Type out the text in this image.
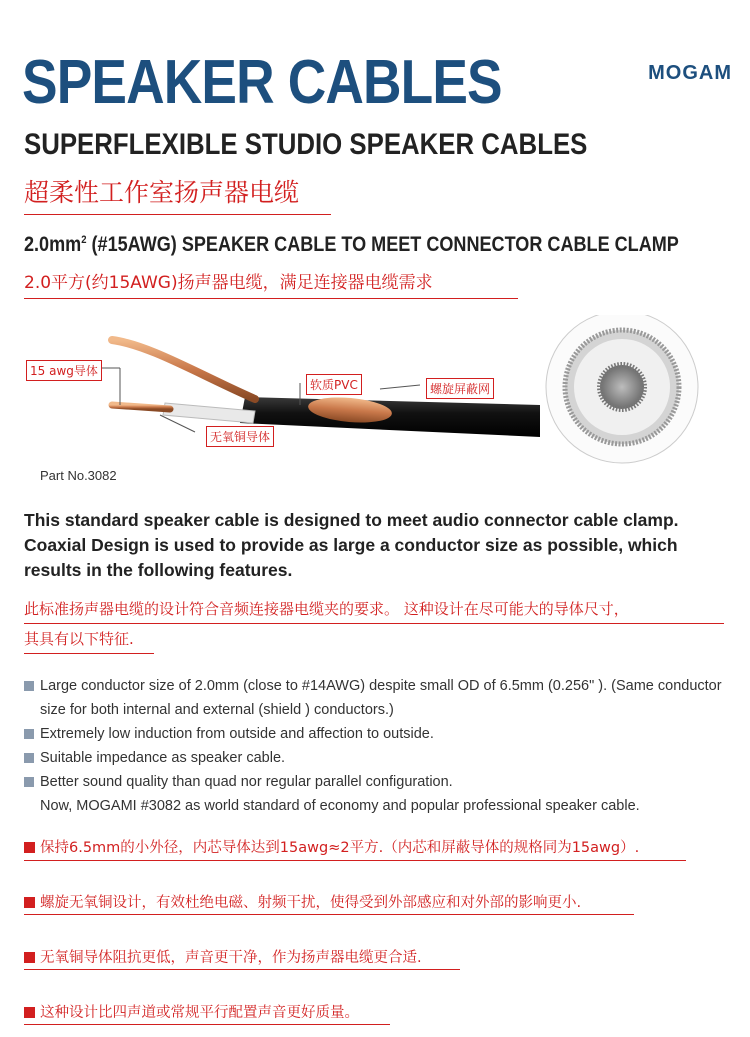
SPEAKER CABLES	MOGAM
SUPERFLEXIBLE STUDIO SPEAKER CABLES
超柔性工作室扬声器电缆
$2.0mm^2$ (#15AWG) SPEAKER CABLE TO MEET CONNECTOR CABLE CLAMP
2.0平方(约15AWG)扬声器电缆，满足连接器电缆需求
15 awg导体
软质PVC	螺旋屏蔽网
无氧铜导体
Part No.3082
This standard speaker cable is designed to meet audio connector cable clamp. Coaxial Design is used to provide as large a conductor size as possible, which results in the following features.
此标准扬声器电缆的设计符合音频连接器电缆夹的要求。 这种设计在尽可能大的导体尺寸，
其具有以下特征.
Large conductor size of 2.0mm (close to #14AWG) despite small OD of 6.5mm (0.256" ). (Same conductor size for both internal and external (shield ) conductors.)
Extremely low induction from outside and affection to outside.
Suitable impedance as speaker cable.
Better sound quality than quad nor regular parallel configuration.
Now, MOGAMI #3082 as world standard of economy and popular professional speaker cable.
保持6.5mm的小外径，内芯导体达到15awg≈2平方.（内芯和屏蔽导体的规格同为15awg）.
螺旋无氧铜设计，有效杜绝电磁、射频干扰，使得受到外部感应和对外部的影响更小.
无氧铜导体阻抗更低，声音更干净，作为扬声器电缆更合适.
这种设计比四声道或常规平行配置声音更好质量。
